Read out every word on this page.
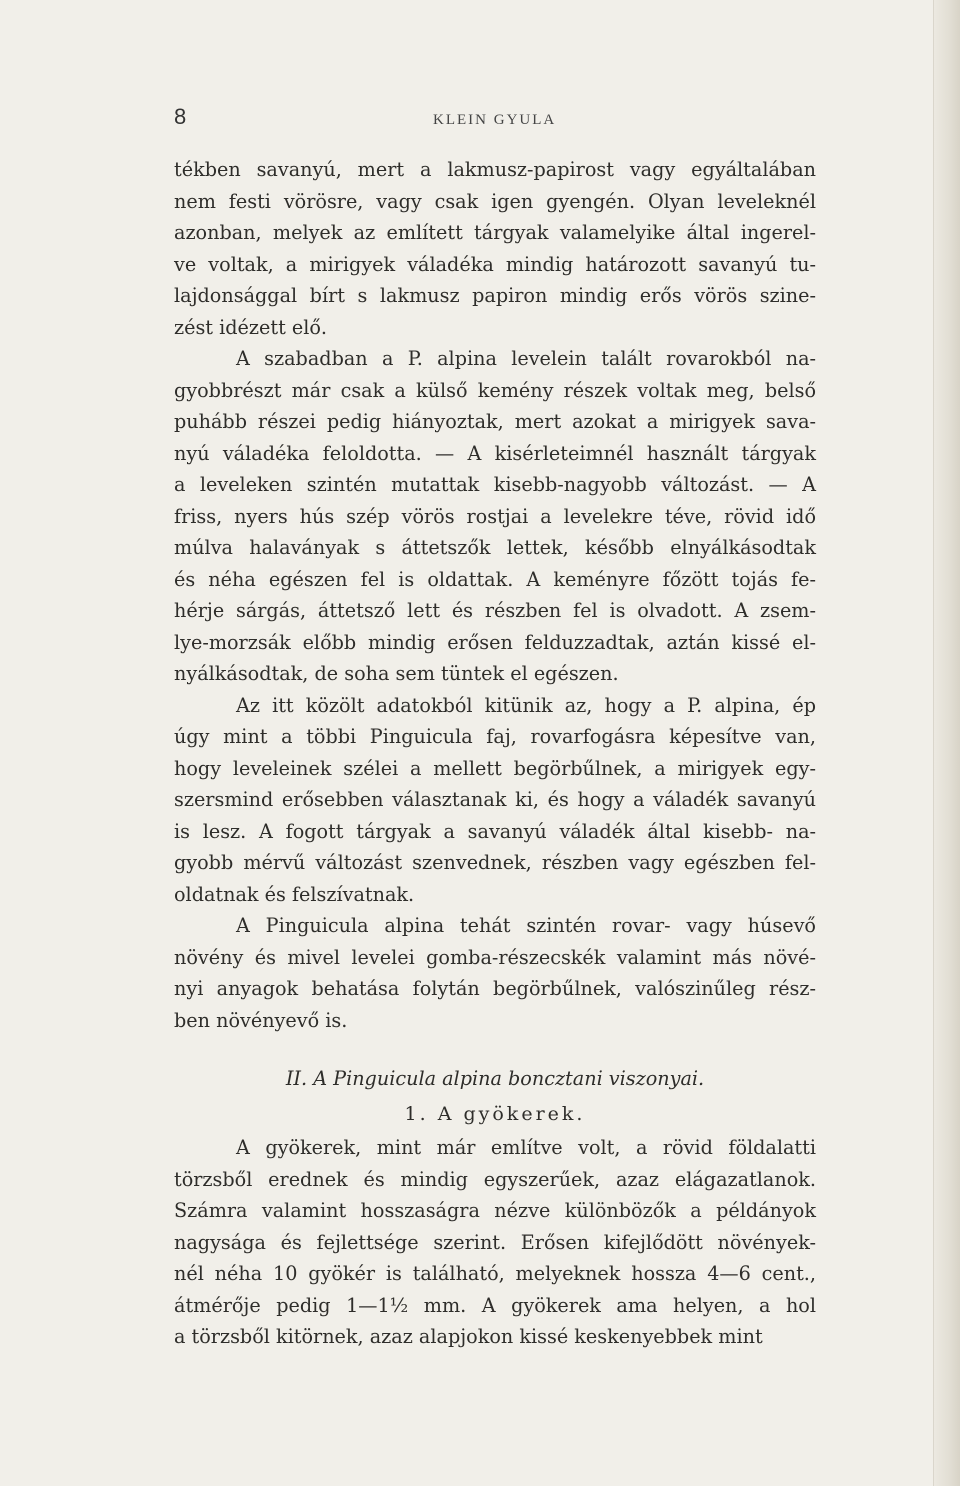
8	KLEIN GYULA
tékben savanyú, mert a lakmusz-papirost vagy egyáltalában
nem festi vörösre, vagy csak igen gyengén. Olyan leveleknél
azonban, melyek az említett tárgyak valamelyike által ingerel-
ve voltak, a mirigyek váladéka mindig határozott savanyú tu-
lajdonsággal bírt s lakmusz papiron mindig erős vörös szine-
zést idézett elő.
A szabadban a P. alpina levelein talált rovarokból na-
gyobbrészt már csak a külső kemény részek voltak meg, belső
puhább részei pedig hiányoztak, mert azokat a mirigyek sava-
nyú váladéka feloldotta. — A kisérleteimnél használt tárgyak
a leveleken szintén mutattak kisebb-nagyobb változást. — A
friss, nyers hús szép vörös rostjai a levelekre téve, rövid idő
múlva halaványak s áttetszők lettek, később elnyálkásodtak
és néha egészen fel is oldattak. A keményre főzött tojás fe-
hérje sárgás, áttetsző lett és részben fel is olvadott. A zsem-
lye-morzsák előbb mindig erősen felduzzadtak, aztán kissé el-
nyálkásodtak, de soha sem tüntek el egészen.
Az itt közölt adatokból kitünik az, hogy a P. alpina, ép
úgy mint a többi Pinguicula faj, rovarfogásra képesítve van,
hogy leveleinek szélei a mellett begörbűlnek, a mirigyek egy-
szersmind erősebben választanak ki, és hogy a váladék savanyú
is lesz. A fogott tárgyak a savanyú váladék által kisebb- na-
gyobb mérvű változást szenvednek, részben vagy egészben fel-
oldatnak és felszívatnak.
A Pinguicula alpina tehát szintén rovar- vagy húsevő
növény és mivel levelei gomba-részecskék valamint más növé-
nyi anyagok behatása folytán begörbűlnek, valószinűleg rész-
ben növényevő is.
II. A Pinguicula alpina boncztani viszonyai.
1. A gyökerek.
A gyökerek, mint már említve volt, a rövid földalatti
törzsből erednek és mindig egyszerűek, azaz elágazatlanok.
Számra valamint hosszaságra nézve különbözők a példányok
nagysága és fejlettsége szerint. Erősen kifejlődött növények-
nél néha 10 gyökér is található, melyeknek hossza 4—6 cent.,
átmérője pedig 1—1½ mm. A gyökerek ama helyen, a hol
a törzsből kitörnek, azaz alapjokon kissé keskenyebbek mint
